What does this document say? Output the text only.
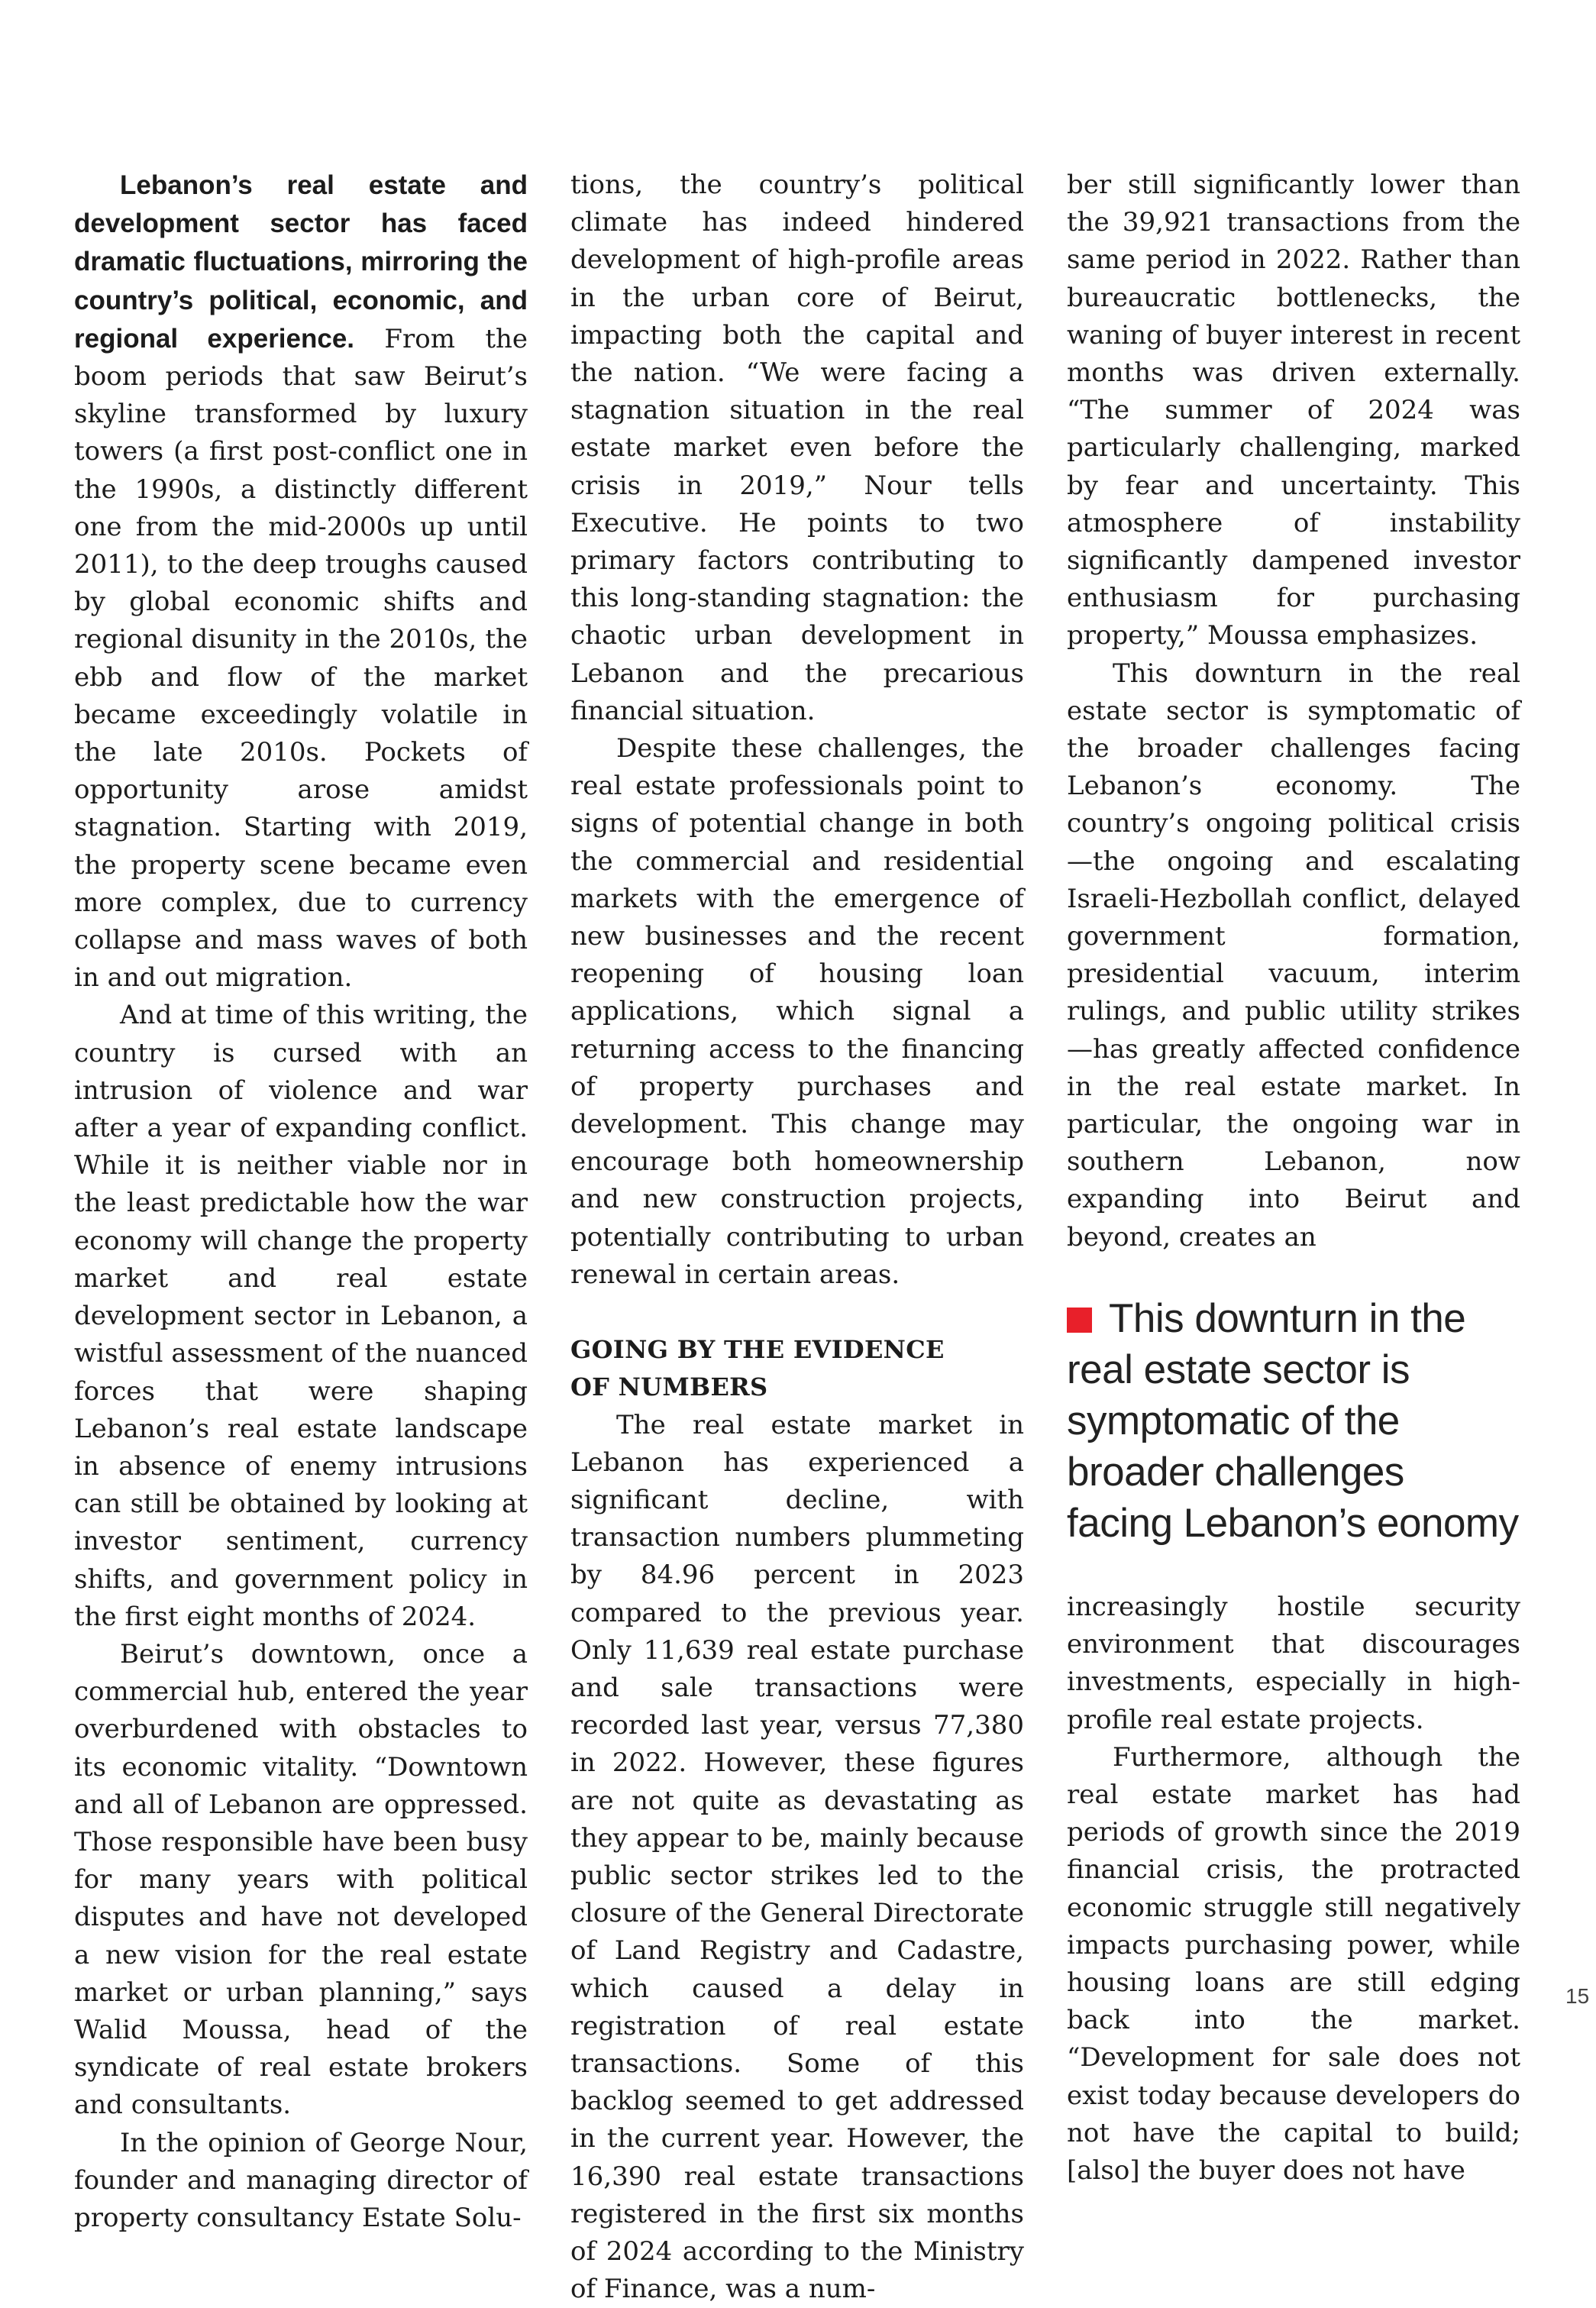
Lebanon’s real estate and development sector has faced dramatic fluctuations, mirroring the country’s political, economic, and regional experience. From the boom periods that saw Beirut’s skyline transformed by luxury towers (a first post-conflict one in the 1990s, a distinctly different one from the mid-2000s up until 2011), to the deep troughs caused by global economic shifts and regional disunity in the 2010s, the ebb and flow of the market became exceedingly volatile in the late 2010s. Pockets of opportunity arose amidst stagnation. Starting with 2019, the property scene became even more complex, due to currency collapse and mass waves of both in and out migration.

And at time of this writing, the country is cursed with an intrusion of violence and war after a year of expanding conflict. While it is neither viable nor in the least predictable how the war economy will change the property market and real estate development sector in Lebanon, a wistful assessment of the nuanced forces that were shaping Lebanon’s real estate landscape in absence of enemy intrusions can still be obtained by looking at investor sentiment, currency shifts, and government policy in the first eight months of 2024.

Beirut’s downtown, once a commercial hub, entered the year overburdened with obstacles to its economic vitality. “Downtown and all of Lebanon are oppressed. Those responsible have been busy for many years with political disputes and have not developed a new vision for the real estate market or urban planning,” says Walid Moussa, head of the syndicate of real estate brokers and consultants.

In the opinion of George Nour, founder and managing director of property consultancy Estate Solu-

tions, the country’s political climate has indeed hindered development of high-profile areas in the urban core of Beirut, impacting both the capital and the nation. “We were facing a stagnation situation in the real estate market even before the crisis in 2019,” Nour tells Executive. He points to two primary factors contributing to this long-standing stagnation: the chaotic urban development in Lebanon and the precarious financial situation.

Despite these challenges, the real estate professionals point to signs of potential change in both the commercial and residential markets with the emergence of new businesses and the recent reopening of housing loan applications, which signal a returning access to the financing of property purchases and development. This change may encourage both homeownership and new construction projects, potentially contributing to urban renewal in certain areas.

GOING BY THE EVIDENCE
OF NUMBERS

The real estate market in Lebanon has experienced a significant decline, with transaction numbers plummeting by 84.96 percent in 2023 compared to the previous year. Only 11,639 real estate purchase and sale transactions were recorded last year, versus 77,380 in 2022. However, these figures are not quite as devastating as they appear to be, mainly because public sector strikes led to the closure of the General Directorate of Land Registry and Cadastre, which caused a delay in registration of real estate transactions. Some of this backlog seemed to get addressed in the current year. However, the 16,390 real estate transactions registered in the first six months of 2024 according to the Ministry of Finance, was a num-

ber still significantly lower than the 39,921 transactions from the same period in 2022. Rather than bureaucratic bottlenecks, the waning of buyer interest in recent months was driven externally. “The summer of 2024 was particularly challenging, marked by fear and uncertainty. This atmosphere of instability significantly dampened investor enthusiasm for purchasing property,” Moussa emphasizes.

This downturn in the real estate sector is symptomatic of the broader challenges facing Lebanon’s economy. The country’s ongoing political crisis—the ongoing and escalating Israeli-Hezbollah conflict, delayed government formation, presidential vacuum, interim rulings, and public utility strikes—has greatly affected confidence in the real estate market. In particular, the ongoing war in southern Lebanon, now expanding into Beirut and beyond, creates an

This downturn in the real estate sector is symptomatic of the broader challenges facing Lebanon’s eonomy

increasingly hostile security environment that discourages investments, especially in high-profile real estate projects.

Furthermore, although the real estate market has had periods of growth since the 2019 financial crisis, the protracted economic struggle still negatively impacts purchasing power, while housing loans are still edging back into the market. “Development for sale does not exist today because developers do not have the capital to build; [also] the buyer does not have

15
